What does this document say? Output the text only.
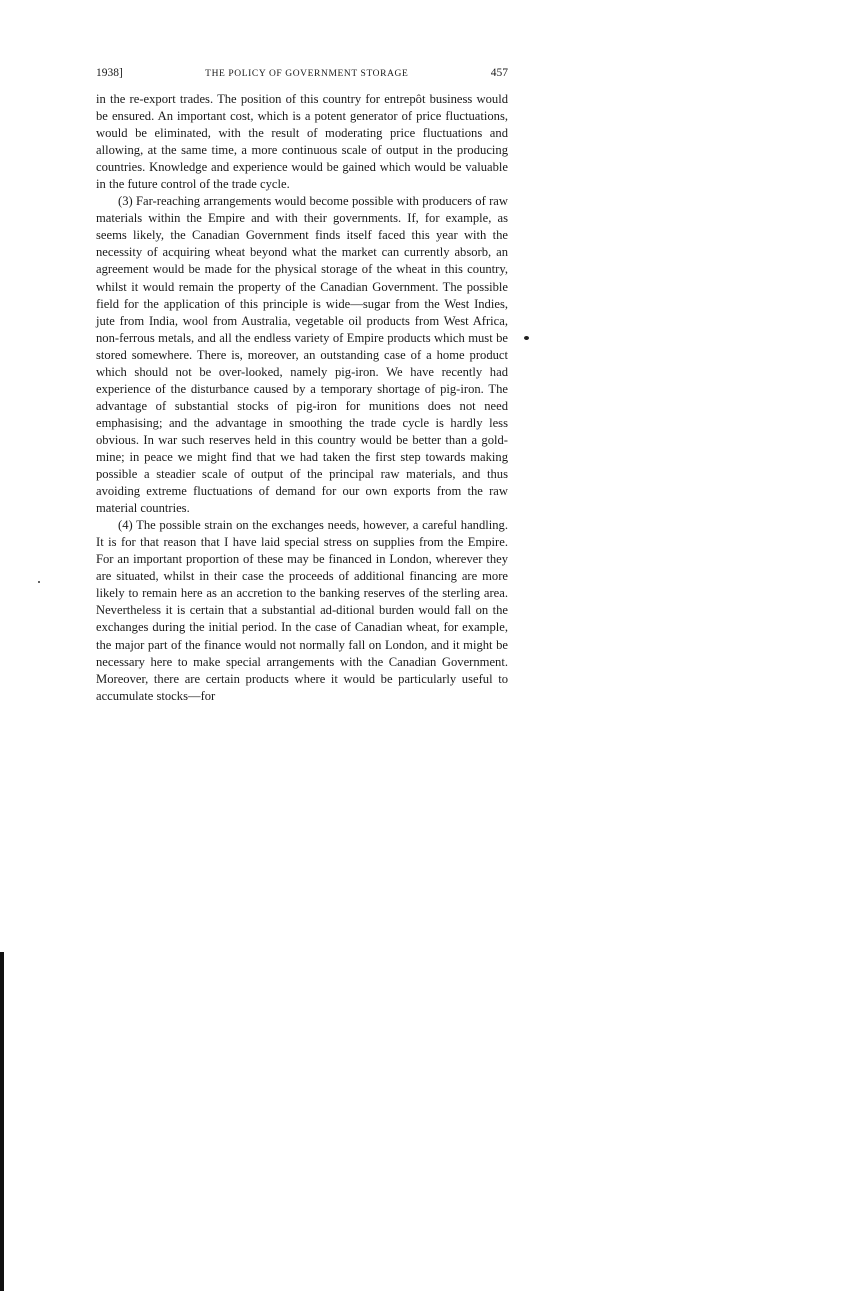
1938]	THE POLICY OF GOVERNMENT STORAGE	457

in the re-export trades. The position of this country for entrepôt business would be ensured. An important cost, which is a potent generator of price fluctuations, would be eliminated, with the result of moderating price fluctuations and allowing, at the same time, a more continuous scale of output in the producing countries. Knowledge and experience would be gained which would be valuable in the future control of the trade cycle.

(3) Far-reaching arrangements would become possible with producers of raw materials within the Empire and with their governments. If, for example, as seems likely, the Canadian Government finds itself faced this year with the necessity of acquiring wheat beyond what the market can currently absorb, an agreement would be made for the physical storage of the wheat in this country, whilst it would remain the property of the Canadian Government. The possible field for the application of this principle is wide—sugar from the West Indies, jute from India, wool from Australia, vegetable oil products from West Africa, non-ferrous metals, and all the endless variety of Empire products which must be stored somewhere. There is, moreover, an outstanding case of a home product which should not be over-looked, namely pig-iron. We have recently had experience of the disturbance caused by a temporary shortage of pig-iron. The advantage of substantial stocks of pig-iron for munitions does not need emphasising; and the advantage in smoothing the trade cycle is hardly less obvious. In war such reserves held in this country would be better than a gold-mine; in peace we might find that we had taken the first step towards making possible a steadier scale of output of the principal raw materials, and thus avoiding extreme fluctuations of demand for our own exports from the raw material countries.

(4) The possible strain on the exchanges needs, however, a careful handling. It is for that reason that I have laid special stress on supplies from the Empire. For an important proportion of these may be financed in London, wherever they are situated, whilst in their case the proceeds of additional financing are more likely to remain here as an accretion to the banking reserves of the sterling area. Nevertheless it is certain that a substantial ad-ditional burden would fall on the exchanges during the initial period. In the case of Canadian wheat, for example, the major part of the finance would not normally fall on London, and it might be necessary here to make special arrangements with the Canadian Government. Moreover, there are certain products where it would be particularly useful to accumulate stocks—for
